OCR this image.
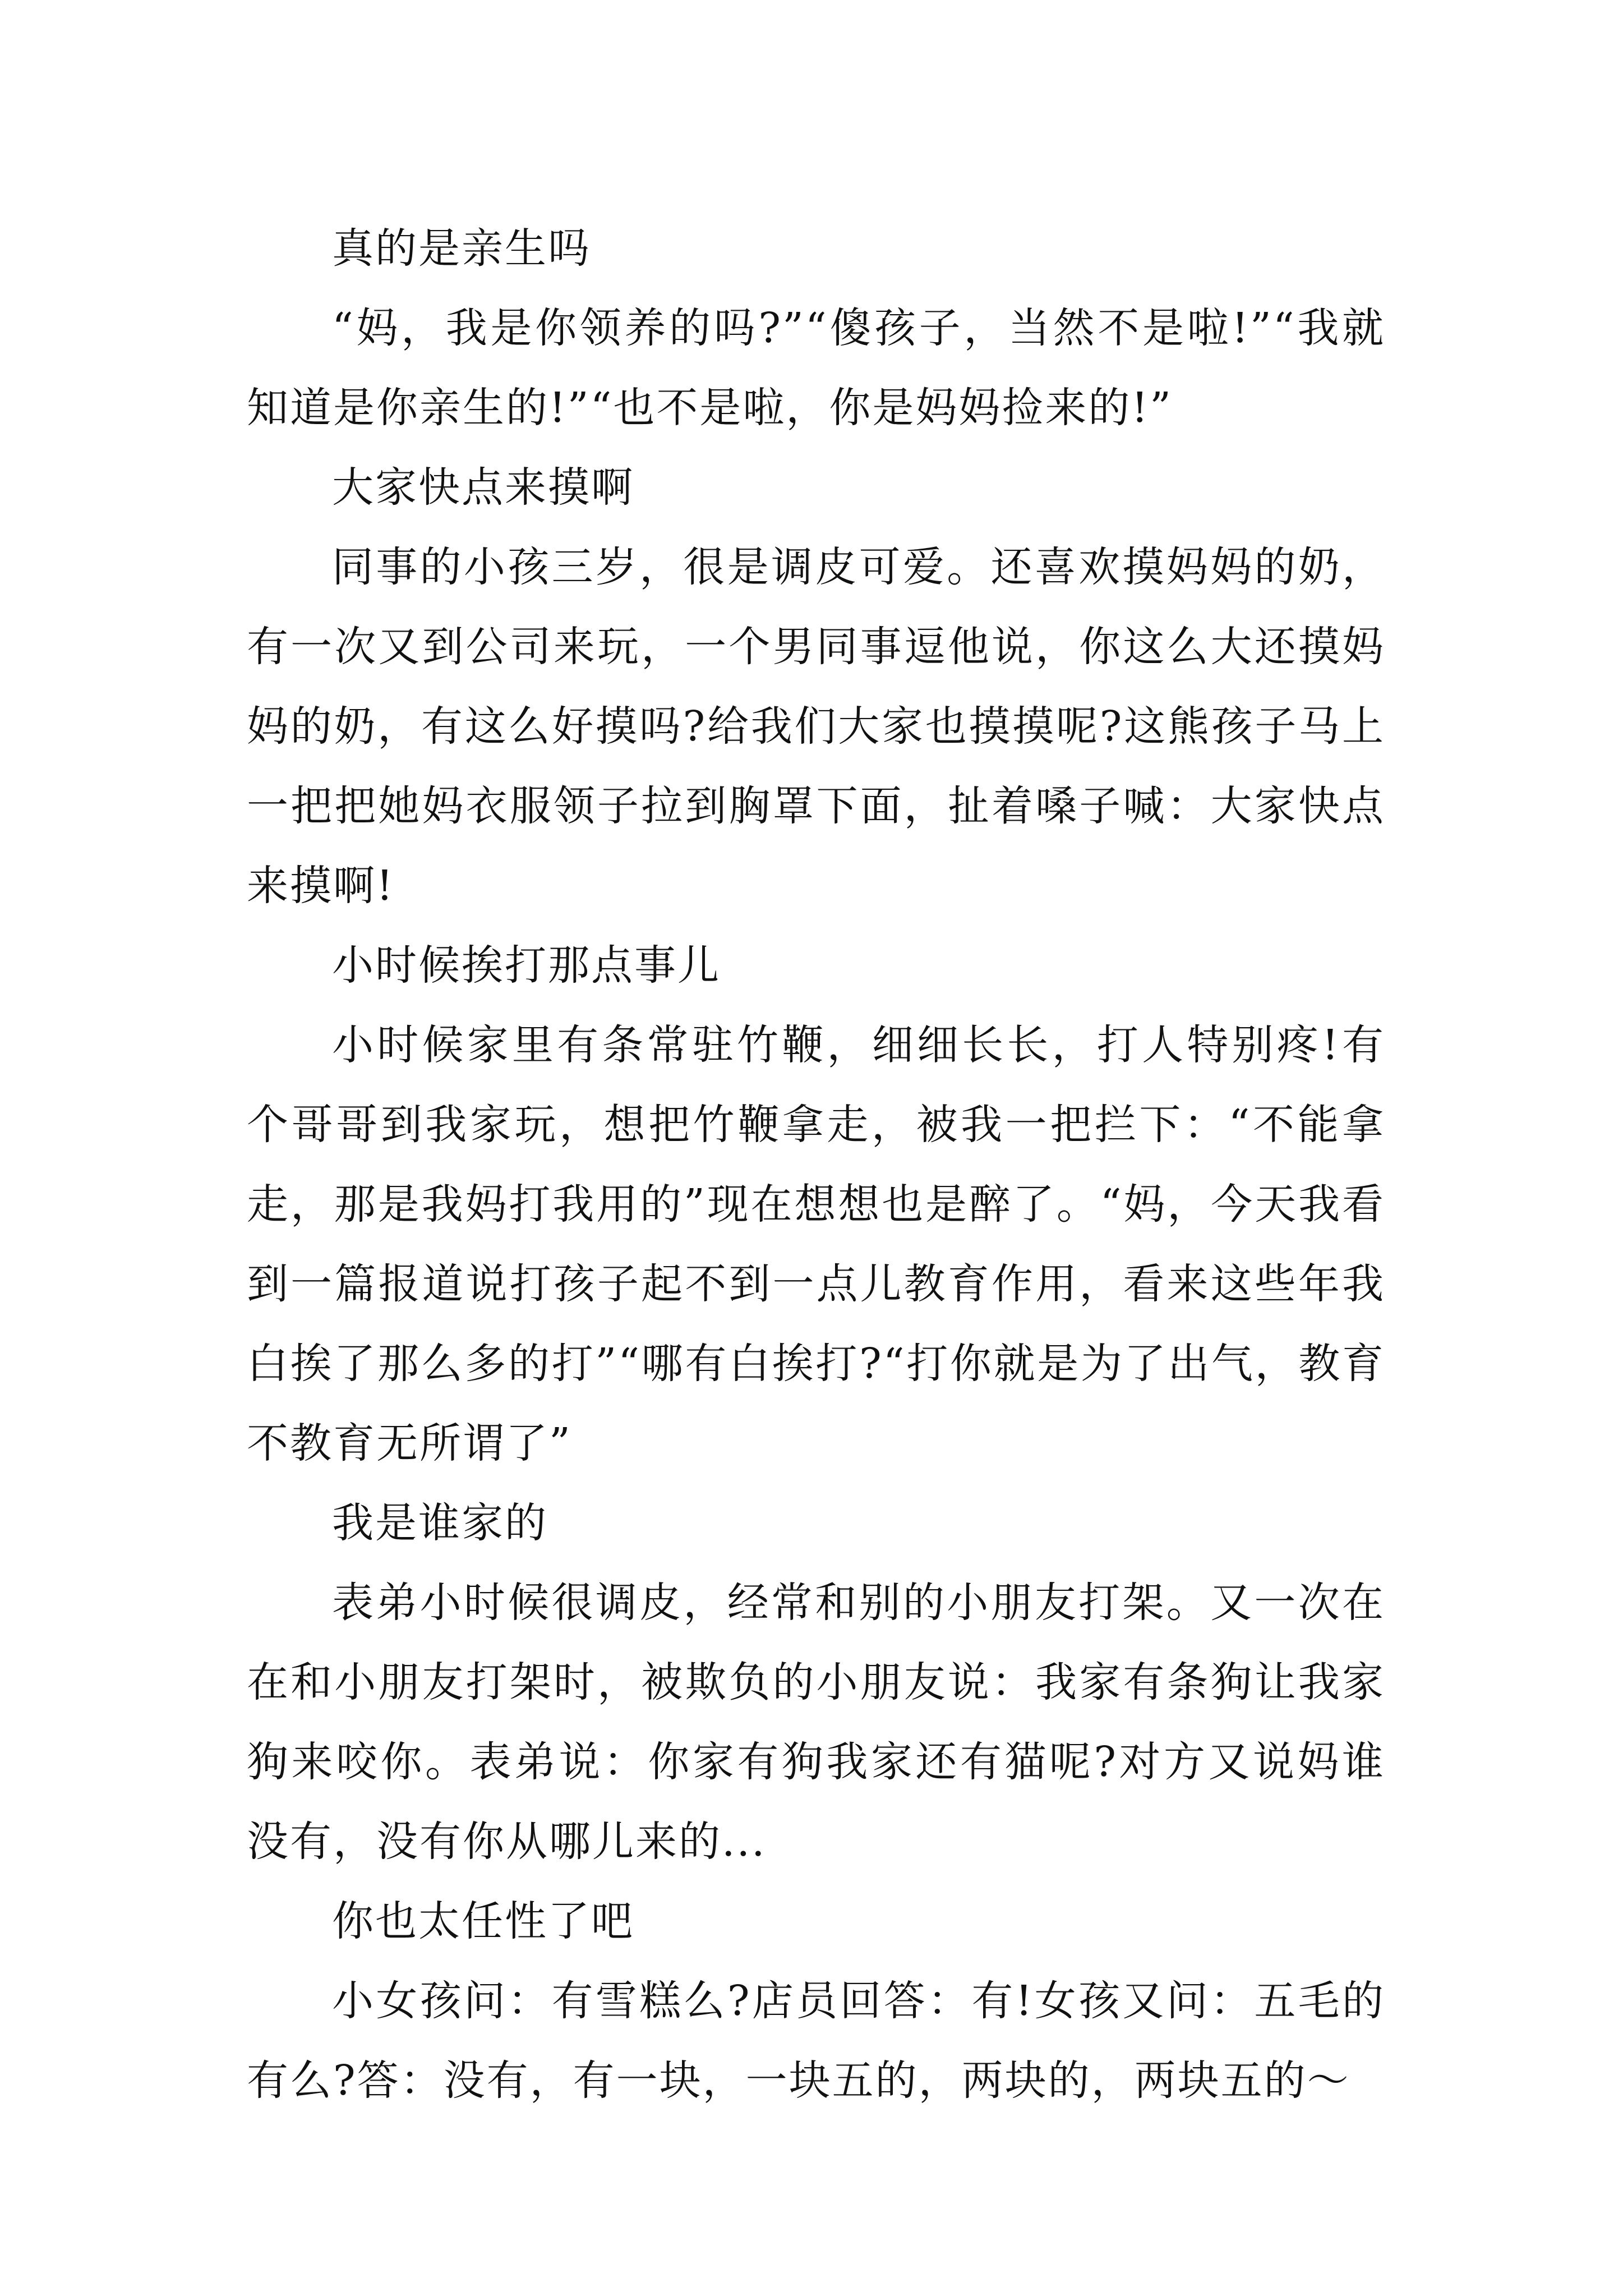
真的是亲生吗

“妈，我是你领养的吗?”“傻孩子，当然不是啦!”“我就知道是你亲生的!”“也不是啦，你是妈妈捡来的!”

大家快点来摸啊

同事的小孩三岁，很是调皮可爱。还喜欢摸妈妈的奶，有一次又到公司来玩，一个男同事逗他说，你这么大还摸妈妈的奶，有这么好摸吗?给我们大家也摸摸呢?这熊孩子马上一把把她妈衣服领子拉到胸罩下面，扯着嗓子喊：大家快点来摸啊!

小时候挨打那点事儿

小时候家里有条常驻竹鞭，细细长长，打人特别疼!有个哥哥到我家玩，想把竹鞭拿走，被我一把拦下：“不能拿走，那是我妈打我用的”现在想想也是醉了。“妈，今天我看到一篇报道说打孩子起不到一点儿教育作用，看来这些年我白挨了那么多的打”“哪有白挨打?“打你就是为了出气，教育不教育无所谓了”

我是谁家的

表弟小时候很调皮，经常和别的小朋友打架。又一次在在和小朋友打架时，被欺负的小朋友说：我家有条狗让我家狗来咬你。表弟说：你家有狗我家还有猫呢?对方又说妈谁没有，没有你从哪儿来的...

你也太任性了吧

小女孩问：有雪糕么?店员回答：有!女孩又问：五毛的有么?答：没有，有一块，一块五的，两块的，两块五的～
